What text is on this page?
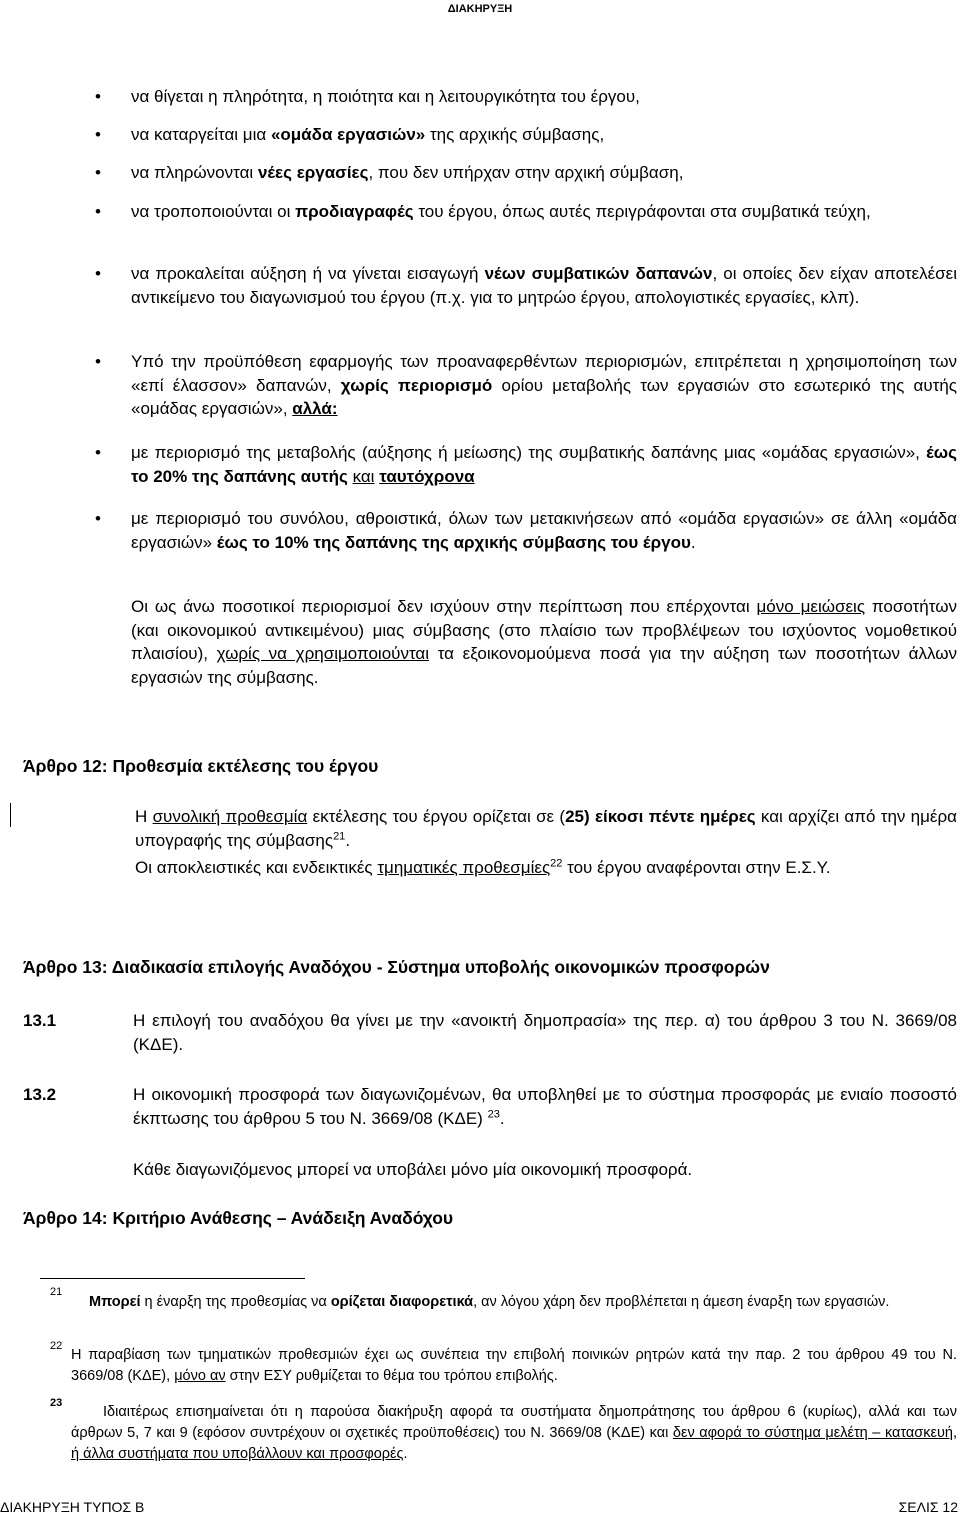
ΔΙΑΚΗΡΥΞΗ
• να θίγεται η πληρότητα, η ποιότητα και η λειτουργικότητα του έργου,
• να καταργείται μια «ομάδα εργασιών» της αρχικής σύμβασης,
• να πληρώνονται νέες εργασίες, που δεν υπήρχαν στην αρχική σύμβαση,
• να τροποποιούνται οι προδιαγραφές του έργου, όπως αυτές περιγράφονται στα συμβατικά τεύχη,
• να προκαλείται αύξηση ή να γίνεται εισαγωγή νέων συμβατικών δαπανών, οι οποίες δεν είχαν αποτελέσει αντικείμενο του διαγωνισμού του έργου (π.χ. για το μητρώο έργου, απολογιστικές εργασίες, κλπ).
• Υπό την προϋπόθεση εφαρμογής των προαναφερθέντων περιορισμών, επιτρέπεται η χρησιμοποίηση των «επί έλασσον» δαπανών, χωρίς περιορισμό ορίου μεταβολής των εργασιών στο εσωτερικό της αυτής «ομάδας εργασιών», αλλά:
• με περιορισμό της μεταβολής (αύξησης ή μείωσης) της συμβατικής δαπάνης μιας «ομάδας εργασιών», έως το 20% της δαπάνης αυτής και ταυτόχρονα
• με περιορισμό του συνόλου, αθροιστικά, όλων των μετακινήσεων από «ομάδα εργασιών» σε άλλη «ομάδα εργασιών» έως το 10% της δαπάνης της αρχικής σύμβασης του έργου.
Οι ως άνω ποσοτικοί περιορισμοί δεν ισχύουν στην περίπτωση που επέρχονται μόνο μειώσεις ποσοτήτων (και οικονομικού αντικειμένου) μιας σύμβασης (στο πλαίσιο των προβλέψεων του ισχύοντος νομοθετικού πλαισίου), χωρίς να χρησιμοποιούνται τα εξοικονομούμενα ποσά για την αύξηση των ποσοτήτων άλλων εργασιών της σύμβασης.
Άρθρο 12: Προθεσμία εκτέλεσης του έργου
Η συνολική προθεσμία εκτέλεσης του έργου ορίζεται σε (25) είκοσι πέντε ημέρες και αρχίζει από την ημέρα υπογραφής της σύμβασης$^{21}$.
Οι αποκλειστικές και ενδεικτικές τμηματικές προθεσμίες$^{22}$ του έργου αναφέρονται στην Ε.Σ.Υ.
Άρθρο 13: Διαδικασία επιλογής Αναδόχου - Σύστημα υποβολής οικονομικών προσφορών
13.1	Η επιλογή του αναδόχου θα γίνει με την «ανοικτή δημοπρασία» της περ. α) του άρθρου 3 του Ν. 3669/08 (ΚΔΕ).
13.2	Η οικονομική προσφορά των διαγωνιζομένων, θα υποβληθεί με το σύστημα προσφοράς με ενιαίο ποσοστό έκπτωσης του άρθρου 5 του Ν. 3669/08 (ΚΔΕ) $^{23}$.
Κάθε διαγωνιζόμενος μπορεί να υποβάλει μόνο μία οικονομική προσφορά.
Άρθρο 14: Κριτήριο Ανάθεσης – Ανάδειξη Αναδόχου
21
Μπορεί η έναρξη της προθεσμίας να ορίζεται διαφορετικά, αν λόγου χάρη δεν προβλέπεται η άμεση έναρξη των εργασιών.
22
Η παραβίαση των τμηματικών προθεσμιών έχει ως συνέπεια την επιβολή ποινικών ρητρών κατά την παρ. 2 του άρθρου 49 του Ν. 3669/08 (ΚΔΕ), μόνο αν στην ΕΣΥ ρυθμίζεται το θέμα του τρόπου επιβολής.
23
Ιδιαιτέρως επισημαίνεται ότι η παρούσα διακήρυξη αφορά τα συστήματα δημοπράτησης του άρθρου 6 (κυρίως), αλλά και των άρθρων 5, 7 και 9 (εφόσον συντρέχουν οι σχετικές προϋποθέσεις) του Ν. 3669/08 (ΚΔΕ) και δεν αφορά το σύστημα μελέτη – κατασκευή, ή άλλα συστήματα που υποβάλλουν και προσφορές.
ΔΙΑΚΗΡΥΞΗ ΤΥΠΟΣ Β	ΣΕΛΙΣ 12
